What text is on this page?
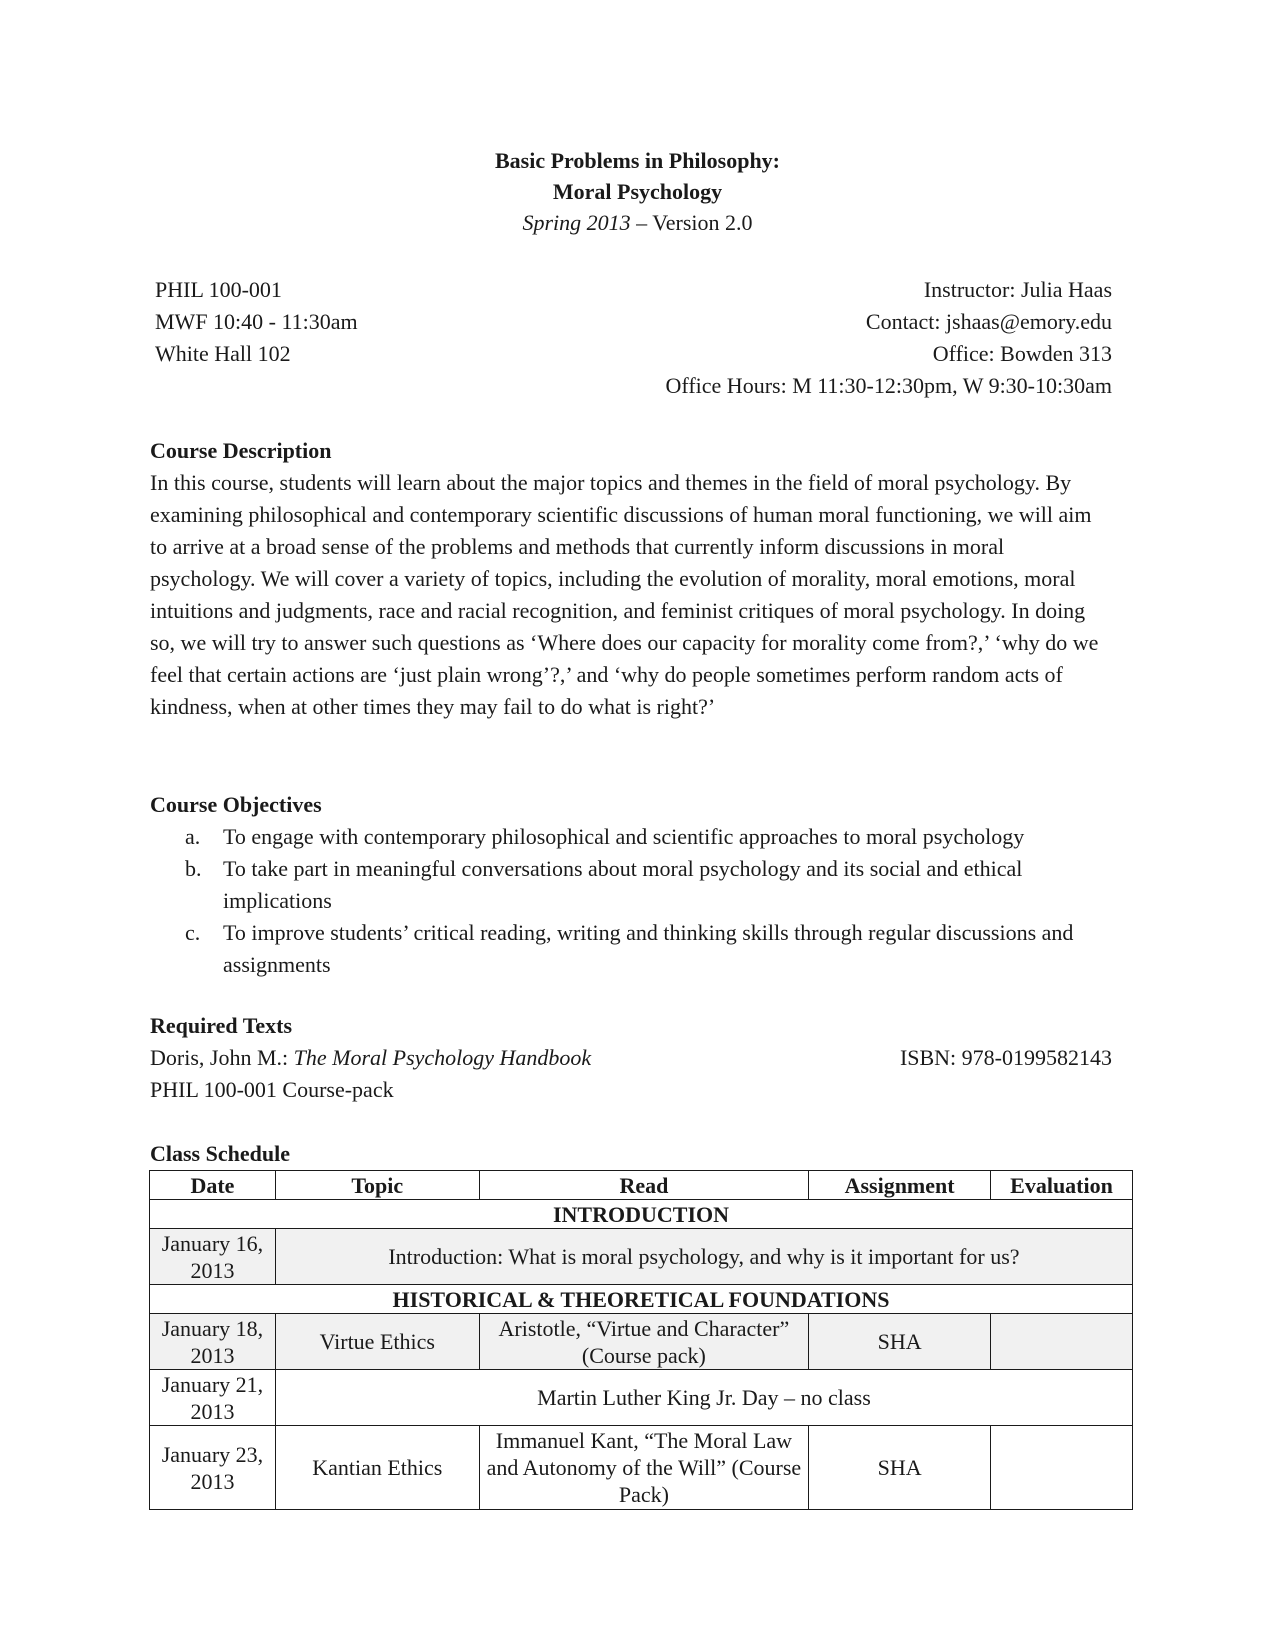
Basic Problems in Philosophy:
Moral Psychology
Spring 2013 – Version 2.0
PHIL 100-001
MWF 10:40 - 11:30am
White Hall 102
Instructor: Julia Haas
Contact: jshaas@emory.edu
Office: Bowden 313
Office Hours: M 11:30-12:30pm, W 9:30-10:30am
Course Description

In this course, students will learn about the major topics and themes in the field of moral psychology. By examining philosophical and contemporary scientific discussions of human moral functioning, we will aim to arrive at a broad sense of the problems and methods that currently inform discussions in moral psychology. We will cover a variety of topics, including the evolution of morality, moral emotions, moral intuitions and judgments, race and racial recognition, and feminist critiques of moral psychology. In doing so, we will try to answer such questions as ‘Where does our capacity for morality come from?,’ ‘why do we feel that certain actions are ‘just plain wrong’?,’ and ‘why do people sometimes perform random acts of kindness, when at other times they may fail to do what is right?’

Course Objectives
a. To engage with contemporary philosophical and scientific approaches to moral psychology
b. To take part in meaningful conversations about moral psychology and its social and ethical implications
c. To improve students’ critical reading, writing and thinking skills through regular discussions and assignments
Required Texts
Doris, John M.: The Moral Psychology Handbook	ISBN: 978-0199582143
PHIL 100-001 Course-pack
Class Schedule
Date	Topic	Read	Assignment	Evaluation
INTRODUCTION				
January 16, 2013	Introduction: What is moral psychology, and why is it important for us?			
HISTORICAL & THEORETICAL FOUNDATIONS				
January 18, 2013	Virtue Ethics	Aristotle, “Virtue and Character” (Course pack)	SHA	
January 21, 2013	Martin Luther King Jr. Day – no class			
January 23, 2013	Kantian Ethics	Immanuel Kant, “The Moral Law and Autonomy of the Will” (Course Pack)	SHA	
